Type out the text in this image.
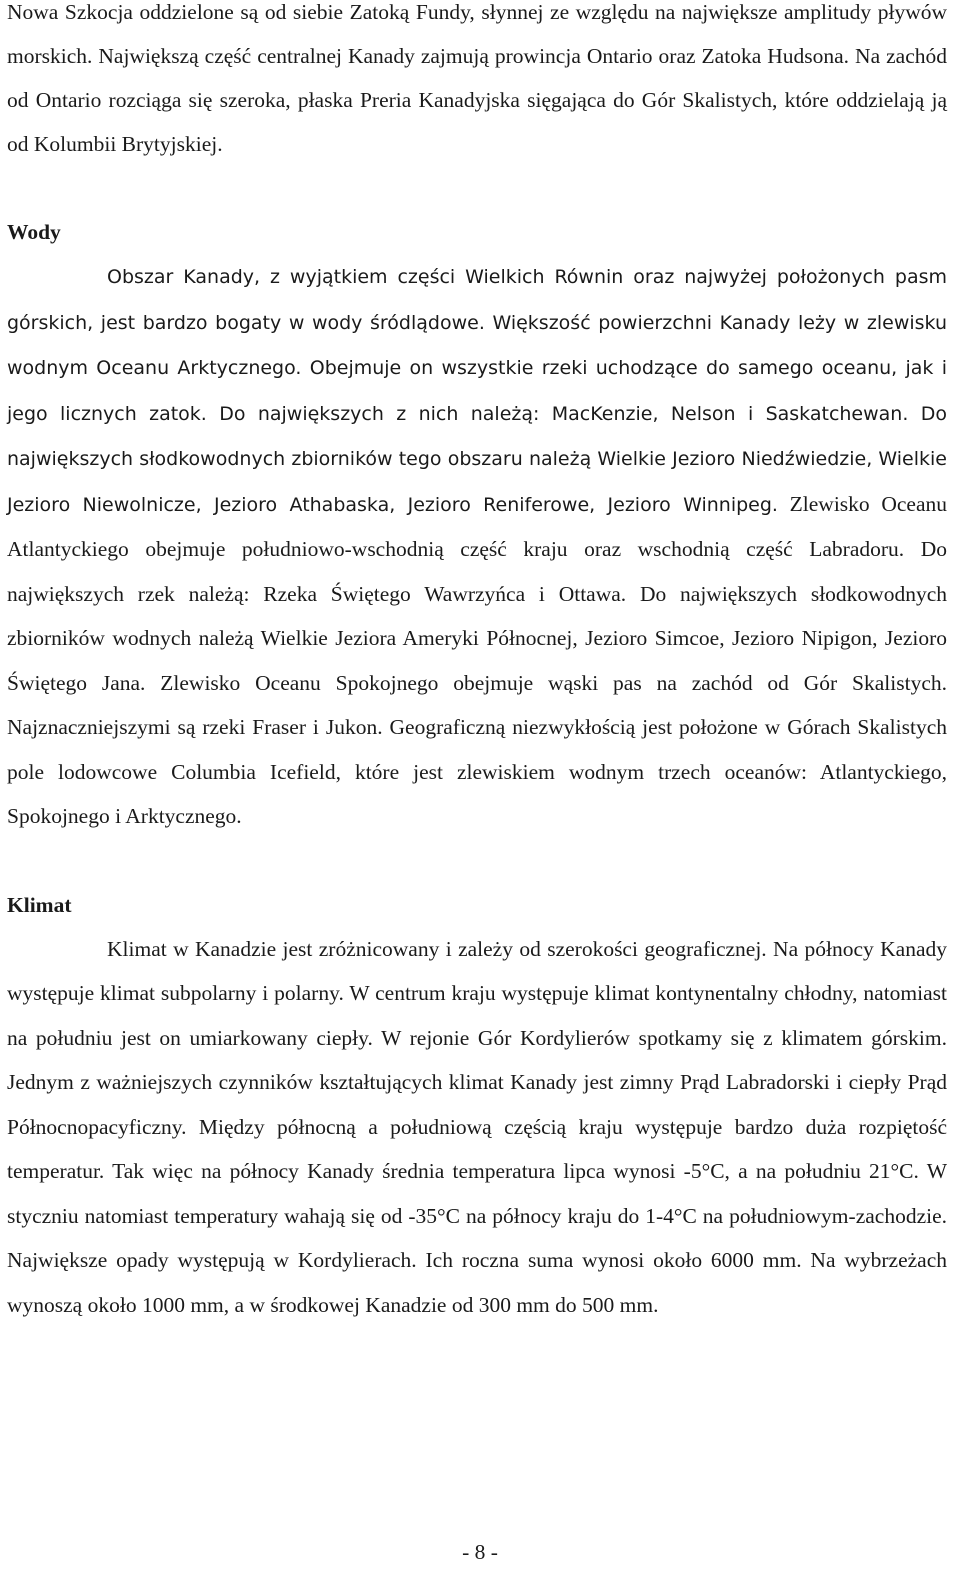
Nowa Szkocja oddzielone są od siebie Zatoką Fundy, słynnej ze względu na największe amplitudy pływów morskich. Największą część centralnej Kanady zajmują prowincja Ontario oraz Zatoka Hudsona. Na zachód od Ontario rozciąga się szeroka, płaska Preria Kanadyjska sięgająca do Gór Skalistych, które oddzielają ją od Kolumbii Brytyjskiej.

Wody

Obszar Kanady, z wyjątkiem części Wielkich Równin oraz najwyżej położonych pasm górskich, jest bardzo bogaty w wody śródlądowe. Większość powierzchni Kanady leży w zlewisku wodnym Oceanu Arktycznego. Obejmuje on wszystkie rzeki uchodzące do samego oceanu, jak i jego licznych zatok. Do największych z nich należą: MacKenzie, Nelson i Saskatchewan. Do największych słodkowodnych zbiorników tego obszaru należą Wielkie Jezioro Niedźwiedzie, Wielkie Jezioro Niewolnicze, Jezioro Athabaska, Jezioro Reniferowe, Jezioro Winnipeg. Zlewisko Oceanu Atlantyckiego obejmuje południowo-wschodnią część kraju oraz wschodnią część Labradoru. Do największych rzek należą: Rzeka Świętego Wawrzyńca i Ottawa. Do największych słodkowodnych zbiorników wodnych należą Wielkie Jeziora Ameryki Północnej, Jezioro Simcoe, Jezioro Nipigon, Jezioro Świętego Jana. Zlewisko Oceanu Spokojnego obejmuje wąski pas na zachód od Gór Skalistych. Najznaczniejszymi są rzeki Fraser i Jukon. Geograficzną niezwykłością jest położone w Górach Skalistych pole lodowcowe Columbia Icefield, które jest zlewiskiem wodnym trzech oceanów: Atlantyckiego, Spokojnego i Arktycznego.

Klimat

Klimat w Kanadzie jest zróżnicowany i zależy od szerokości geograficznej. Na północy Kanady występuje klimat subpolarny i polarny. W centrum kraju występuje klimat kontynentalny chłodny, natomiast na południu jest on umiarkowany ciepły. W rejonie Gór Kordylierów spotkamy się z klimatem górskim. Jednym z ważniejszych czynników kształtujących klimat Kanady jest zimny Prąd Labradorski i ciepły Prąd Północnopacyficzny. Między północną a południową częścią kraju występuje bardzo duża rozpiętość temperatur. Tak więc na północy Kanady średnia temperatura lipca wynosi -5°C, a na południu 21°C. W styczniu natomiast temperatury wahają się od -35°C na północy kraju do 1-4°C na południowym-zachodzie. Największe opady występują w Kordylierach. Ich roczna suma wynosi około 6000 mm. Na wybrzeżach wynoszą około 1000 mm, a w środkowej Kanadzie od 300 mm do 500 mm.

- 8 -
